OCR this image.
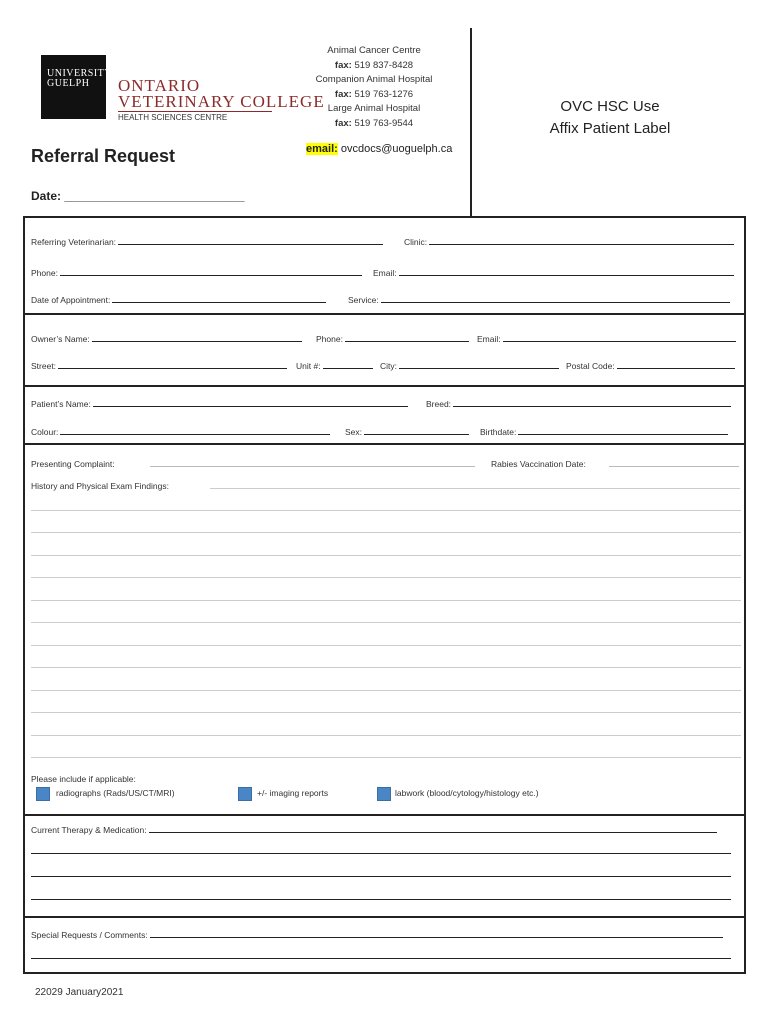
UNIVERSITY
GUELPH ONTARIO
VETERINARY COLLEGE
HEALTH SCIENCES CENTRE
Referral Request
Date: ___________________________
Animal Cancer Centre
fax: 519 837-8428
Companion Animal Hospital
fax: 519 763-1276
Large Animal Hospital
fax: 519 763-9544
email: ovcdocs@uoguelph.ca
OVC HSC Use
Affix Patient Label
Referring Veterinarian:	Clinic:
Phone:	Email:
Date of Appointment:	Service:
Owner’s Name:	Phone:	Email:
Street:	Unit #:	City:	Postal Code:
Patient’s Name:	Breed:
Colour:	Sex:	Birthdate:
Presenting Complaint:	Rabies Vaccination Date:
History and Physical Exam Findings:
Please include if applicable:
radiographs (Rads/US/CT/MRI)	+/- imaging reports	labwork (blood/cytology/histology etc.)
Current Therapy & Medication:
Special Requests / Comments:
22029 January2021
